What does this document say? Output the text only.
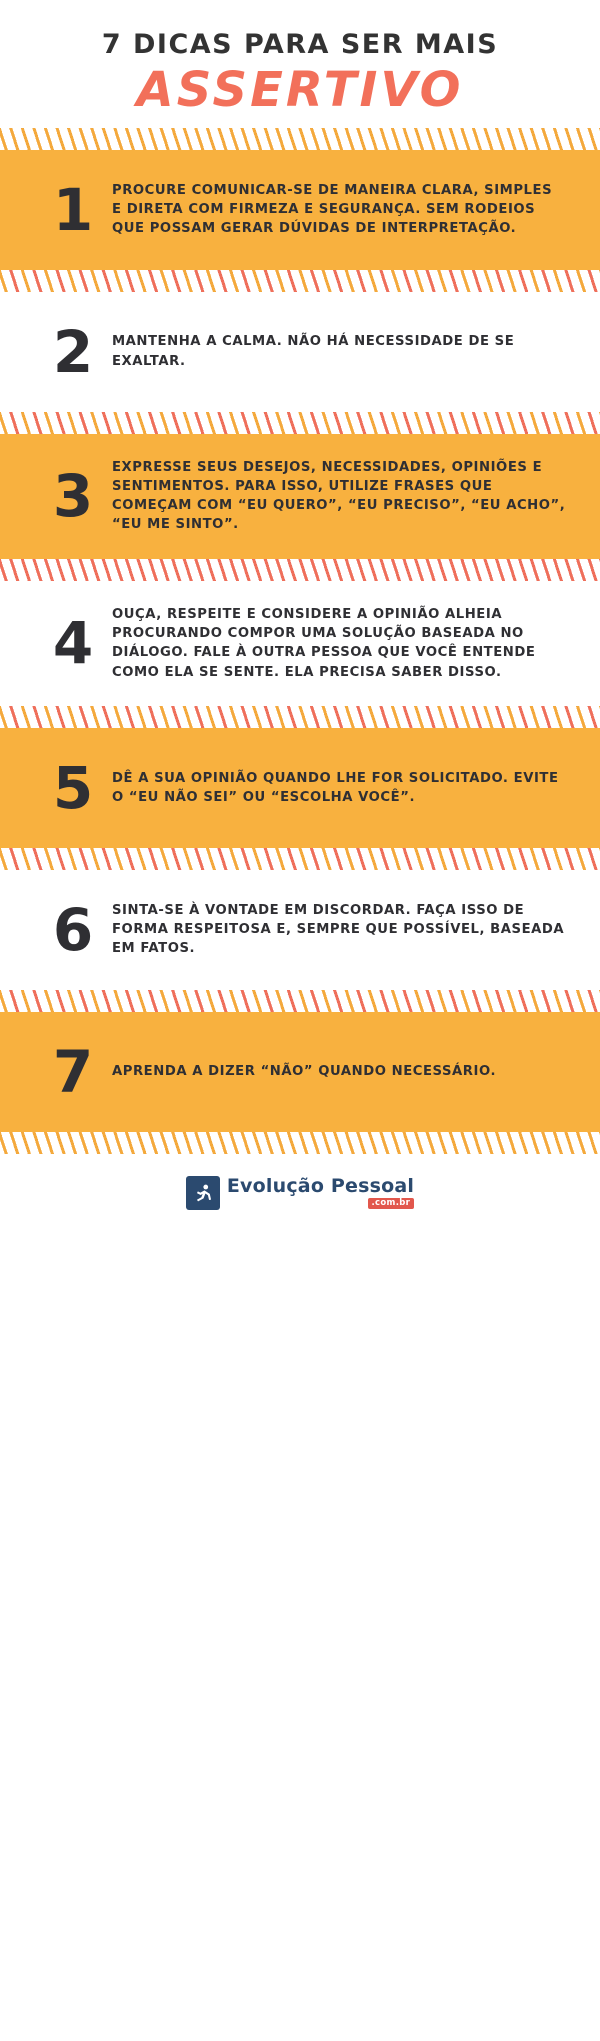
7 DICAS PARA SER MAIS
ASSERTIVO
1	PROCURE COMUNICAR-SE DE MANEIRA CLARA, SIMPLES E DIRETA COM FIRMEZA E SEGURANÇA. SEM RODEIOS QUE POSSAM GERAR DÚVIDAS DE INTERPRETAÇÃO.
2	MANTENHA A CALMA. NÃO HÁ NECESSIDADE DE SE EXALTAR.
3	EXPRESSE SEUS DESEJOS, NECESSIDADES, OPINIÕES E SENTIMENTOS. PARA ISSO, UTILIZE FRASES QUE COMEÇAM COM “EU QUERO”, “EU PRECISO”, “EU ACHO”, “EU ME SINTO”.
4	OUÇA, RESPEITE E CONSIDERE A OPINIÃO ALHEIA PROCURANDO COMPOR UMA SOLUÇÃO BASEADA NO DIÁLOGO. FALE À OUTRA PESSOA QUE VOCÊ ENTENDE COMO ELA SE SENTE. ELA PRECISA SABER DISSO.
5	DÊ A SUA OPINIÃO QUANDO LHE FOR SOLICITADO. EVITE O “EU NÃO SEI” OU “ESCOLHA VOCÊ”.
6	SINTA-SE À VONTADE EM DISCORDAR. FAÇA ISSO DE FORMA RESPEITOSA E, SEMPRE QUE POSSÍVEL, BASEADA EM FATOS.
7	APRENDA A DIZER “NÃO” QUANDO NECESSÁRIO.
Evolução Pessoal
.com.br
